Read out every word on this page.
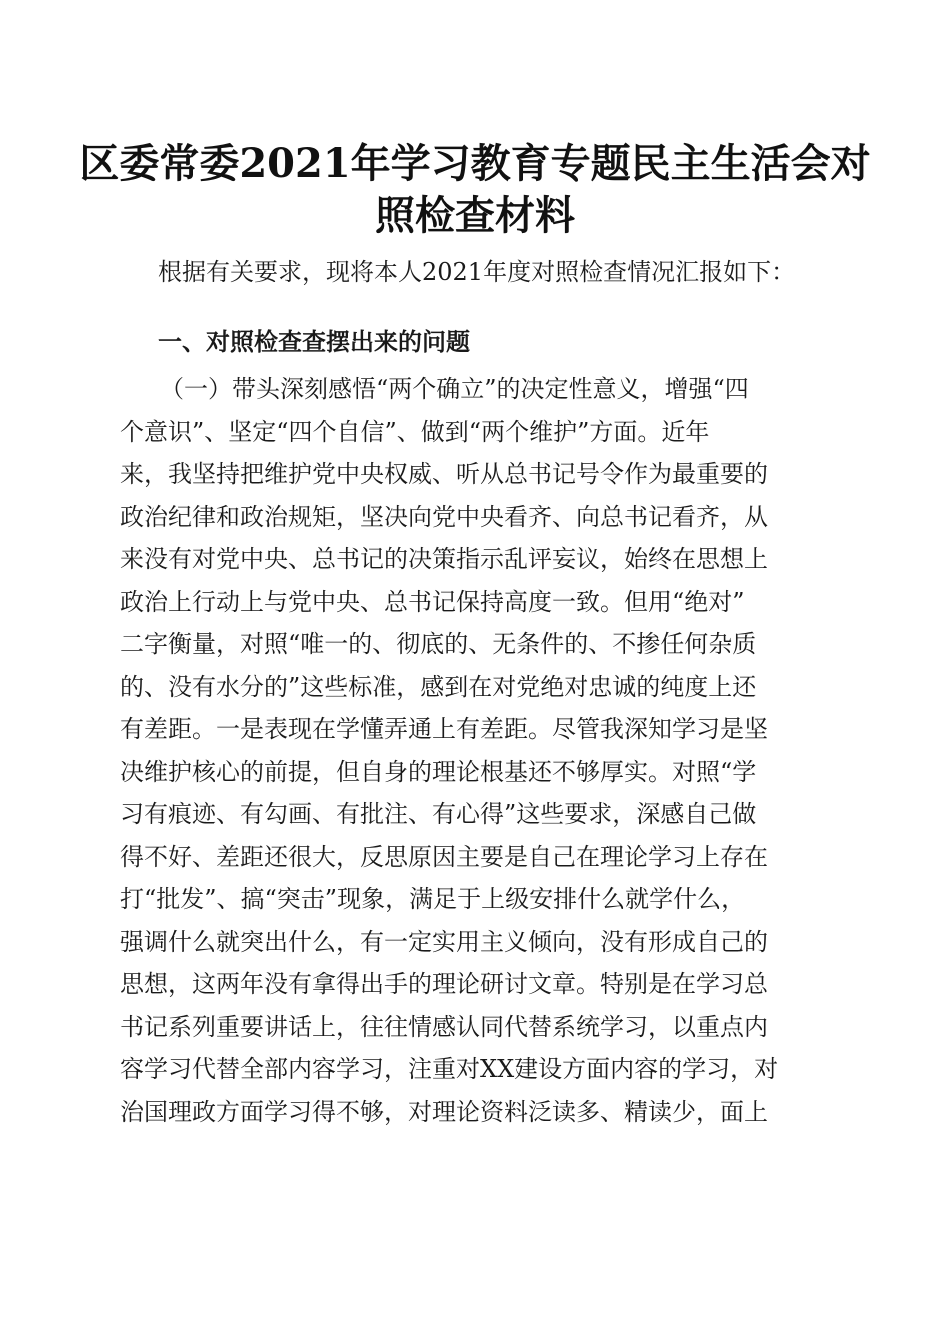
区委常委2021年学习教育专题民主生活会对
照检查材料
根据有关要求，现将本人2021年度对照检查情况汇报如下：
一、对照检查查摆出来的问题
（一）带头深刻感悟“两个确立”的决定性意义，增强“四
个意识”、坚定“四个自信”、做到“两个维护”方面。近年
来，我坚持把维护党中央权威、听从总书记号令作为最重要的
政治纪律和政治规矩，坚决向党中央看齐、向总书记看齐，从
来没有对党中央、总书记的决策指示乱评妄议，始终在思想上
政治上行动上与党中央、总书记保持高度一致。但用“绝对”
二字衡量，对照“唯一的、彻底的、无条件的、不掺任何杂质
的、没有水分的”这些标准，感到在对党绝对忠诚的纯度上还
有差距。一是表现在学懂弄通上有差距。尽管我深知学习是坚
决维护核心的前提，但自身的理论根基还不够厚实。对照“学
习有痕迹、有勾画、有批注、有心得”这些要求，深感自己做
得不好、差距还很大，反思原因主要是自己在理论学习上存在
打“批发”、搞“突击”现象，满足于上级安排什么就学什么，
强调什么就突出什么，有一定实用主义倾向，没有形成自己的
思想，这两年没有拿得出手的理论研讨文章。特别是在学习总
书记系列重要讲话上，往往情感认同代替系统学习，以重点内
容学习代替全部内容学习，注重对XX建设方面内容的学习，对
治国理政方面学习得不够，对理论资料泛读多、精读少，面上
